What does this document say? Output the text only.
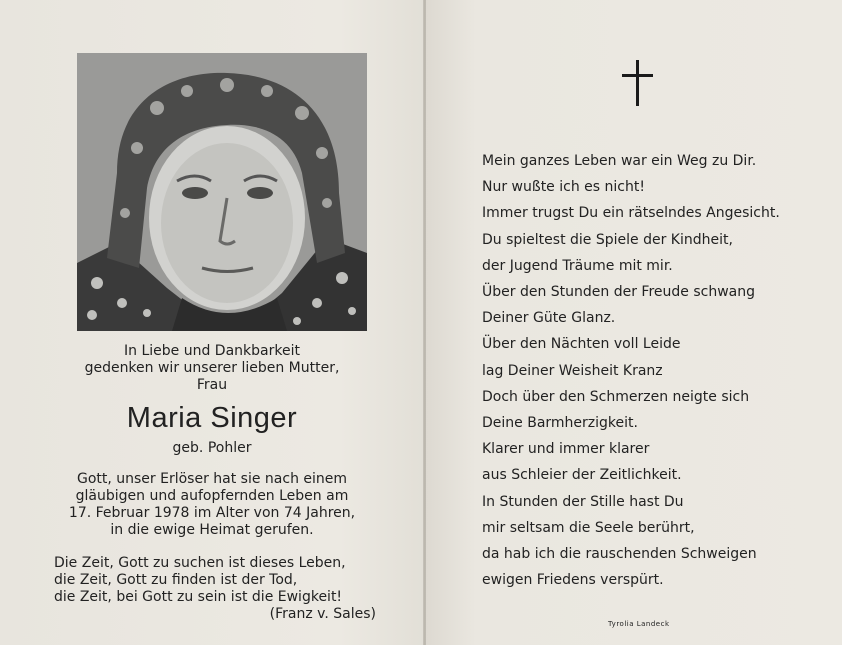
In Liebe und Dankbarkeit
gedenken wir unserer lieben Mutter,
Frau
Maria Singer
geb. Pohler
Gott, unser Erlöser hat sie nach einem
gläubigen und aufopfernden Leben am
17. Februar 1978 im Alter von 74 Jahren,
in die ewige Heimat gerufen.
Die Zeit, Gott zu suchen ist dieses Leben,
die Zeit, Gott zu finden ist der Tod,
die Zeit, bei Gott zu sein ist die Ewigkeit!
(Franz v. Sales)
Mein ganzes Leben war ein Weg zu Dir.
Nur wußte ich es nicht!
Immer trugst Du ein rätselndes Angesicht.
Du spieltest die Spiele der Kindheit,
der Jugend Träume mit mir.
Über den Stunden der Freude schwang
Deiner Güte Glanz.
Über den Nächten voll Leide
lag Deiner Weisheit Kranz
Doch über den Schmerzen neigte sich
Deine Barmherzigkeit.
Klarer und immer klarer
aus Schleier der Zeitlichkeit.
In Stunden der Stille hast Du
mir seltsam die Seele berührt,
da hab ich die rauschenden Schweigen
ewigen Friedens verspürt.
Tyrolia Landeck
